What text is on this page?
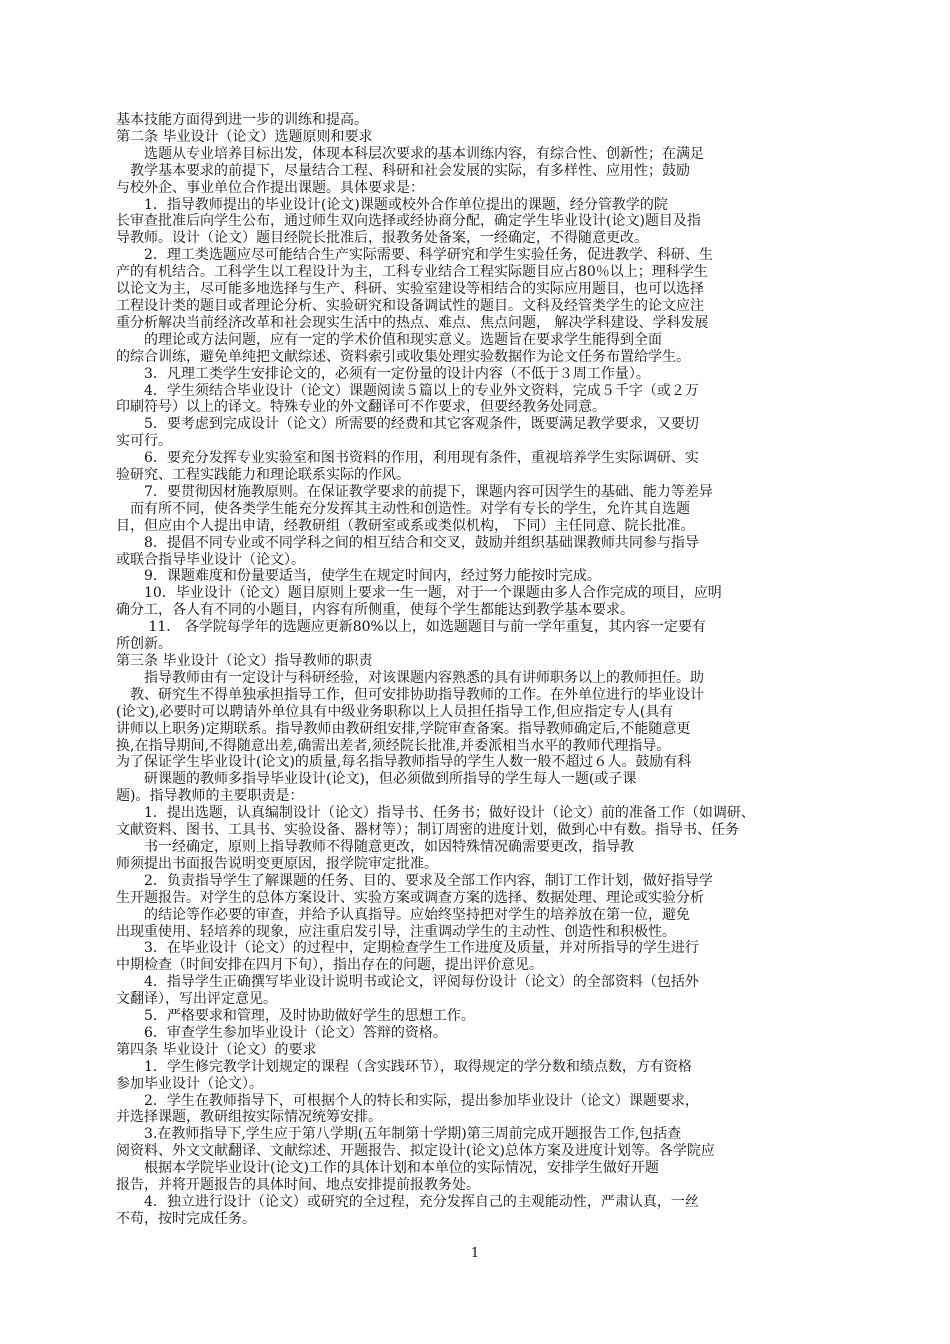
基本技能方面得到进一步的训练和提高。

第二条 毕业设计（论文）选题原则和要求

　　选题从专业培养目标出发，体现本科层次要求的基本训练内容，有综合性、创新性；在满足

　教学基本要求的前提下，尽量结合工程、科研和社会发展的实际，有多样性、应用性；鼓励

与校外企、事业单位合作提出课题。具体要求是：

　　1．指导教师提出的毕业设计(论文)课题或校外合作单位提出的课题，经分管教学的院

长审查批准后向学生公布，通过师生双向选择或经协商分配，确定学生毕业设计(论文)题目及指

导教师。设计（论文）题目经院长批准后，报教务处备案，一经确定，不得随意更改。

　　2．理工类选题应尽可能结合生产实际需要、科学研究和学生实验任务，促进教学、科研、生

产的有机结合。工科学生以工程设计为主，工科专业结合工程实际题目应占80％以上；理科学生

以论文为主，尽可能多地选择与生产、科研、实验室建设等相结合的实际应用题目，也可以选择

工程设计类的题目或者理论分析、实验研究和设备调试性的题目。文科及经管类学生的论文应注

重分析解决当前经济改革和社会现实生活中的热点、难点、焦点问题， 解决学科建设、学科发展

　　的理论或方法问题，应有一定的学术价值和现实意义。选题旨在要求学生能得到全面

的综合训练，避免单纯把文献综述、资料索引或收集处理实验数据作为论文任务布置给学生。

　　3．凡理工类学生安排论文的，必须有一定份量的设计内容（不低于３周工作量）。

　　4．学生须结合毕业设计（论文）课题阅读５篇以上的专业外文资料，完成５千字（或２万

印刷符号）以上的译文。特殊专业的外文翻译可不作要求，但要经教务处同意。

　　5．要考虑到完成设计（论文）所需要的经费和其它客观条件，既要满足教学要求，又要切

实可行。

　　6．要充分发挥专业实验室和图书资料的作用，利用现有条件，重视培养学生实际调研、实

验研究、工程实践能力和理论联系实际的作风。

　　7．要贯彻因材施教原则。在保证教学要求的前提下，课题内容可因学生的基础、能力等差异

　而有所不同，使各类学生能充分发挥其主动性和创造性。对学有专长的学生，允许其自选题

目，但应由个人提出申请，经教研组（教研室或系或类似机构， 下同）主任同意、院长批准。

　　8．提倡不同专业或不同学科之间的相互结合和交叉，鼓励并组织基础课教师共同参与指导

或联合指导毕业设计（论文）。

　　9．课题难度和份量要适当，使学生在规定时间内，经过努力能按时完成。

　　10．毕业设计（论文）题目原则上要求一生一题，对于一个课题由多人合作完成的项目，应明

确分工，各人有不同的小题目，内容有所侧重，使每个学生都能达到教学基本要求。

　　 11． 各学院每学年的选题应更新80%以上，如选题题目与前一学年重复，其内容一定要有

所创新。

第三条 毕业设计（论文）指导教师的职责

　　指导教师由有一定设计与科研经验，对该课题内容熟悉的具有讲师职务以上的教师担任。助

　教、研究生不得单独承担指导工作，但可安排协助指导教师的工作。在外单位进行的毕业设计

(论文),必要时可以聘请外单位具有中级业务职称以上人员担任指导工作,但应指定专人(具有

讲师以上职务)定期联系。指导教师由教研组安排,学院审查备案。指导教师确定后,不能随意更

换,在指导期间,不得随意出差,确需出差者,须经院长批准,并委派相当水平的教师代理指导。

为了保证学生毕业设计(论文)的质量,每名指导教师指导的学生人数一般不超过６人。鼓励有科

　　研课题的教师多指导毕业设计(论文)，但必须做到所指导的学生每人一题(或子课

题)。指导教师的主要职责是：

　　1．提出选题，认真编制设计（论文）指导书、任务书；做好设计（论文）前的准备工作（如调研、

文献资料、图书、工具书、实验设备、器材等）；制订周密的进度计划，做到心中有数。指导书、任务

　　书一经确定，原则上指导教师不得随意更改，如因特殊情况确需要更改，指导教

师须提出书面报告说明变更原因，报学院审定批准。

　　2．负责指导学生了解课题的任务、目的、要求及全部工作内容，制订工作计划，做好指导学

生开题报告。对学生的总体方案设计、实验方案或调查方案的选择、数据处理、理论或实验分析

　　的结论等作必要的审查，并给予认真指导。应始终坚持把对学生的培养放在第一位，避免

出现重使用、轻培养的现象，应注重启发引导，注重调动学生的主动性、创造性和积极性。

　　3．在毕业设计（论文）的过程中，定期检查学生工作进度及质量，并对所指导的学生进行

中期检查（时间安排在四月下旬），指出存在的问题，提出评价意见。

　　4．指导学生正确撰写毕业设计说明书或论文，评阅每份设计（论文）的全部资料（包括外

文翻译），写出评定意见。

　　5．严格要求和管理，及时协助做好学生的思想工作。

　　6．审查学生参加毕业设计（论文）答辩的资格。

第四条 毕业设计（论文）的要求

　　1．学生修完教学计划规定的课程（含实践环节），取得规定的学分数和绩点数，方有资格

参加毕业设计（论文）。

　　2．学生在教师指导下，可根据个人的特长和实际，提出参加毕业设计（论文）课题要求，

并选择课题，教研组按实际情况统筹安排。

　　3.在教师指导下,学生应于第八学期(五年制第十学期)第三周前完成开题报告工作,包括查

阅资料、外文文献翻译、文献综述、开题报告、拟定设计(论文)总体方案及进度计划等。各学院应

　　根据本学院毕业设计(论文)工作的具体计划和本单位的实际情况，安排学生做好开题

报告，并将开题报告的具体时间、地点安排提前报教务处。

　　4．独立进行设计（论文）或研究的全过程，充分发挥自己的主观能动性，严肃认真，一丝

不苟，按时完成任务。

1
